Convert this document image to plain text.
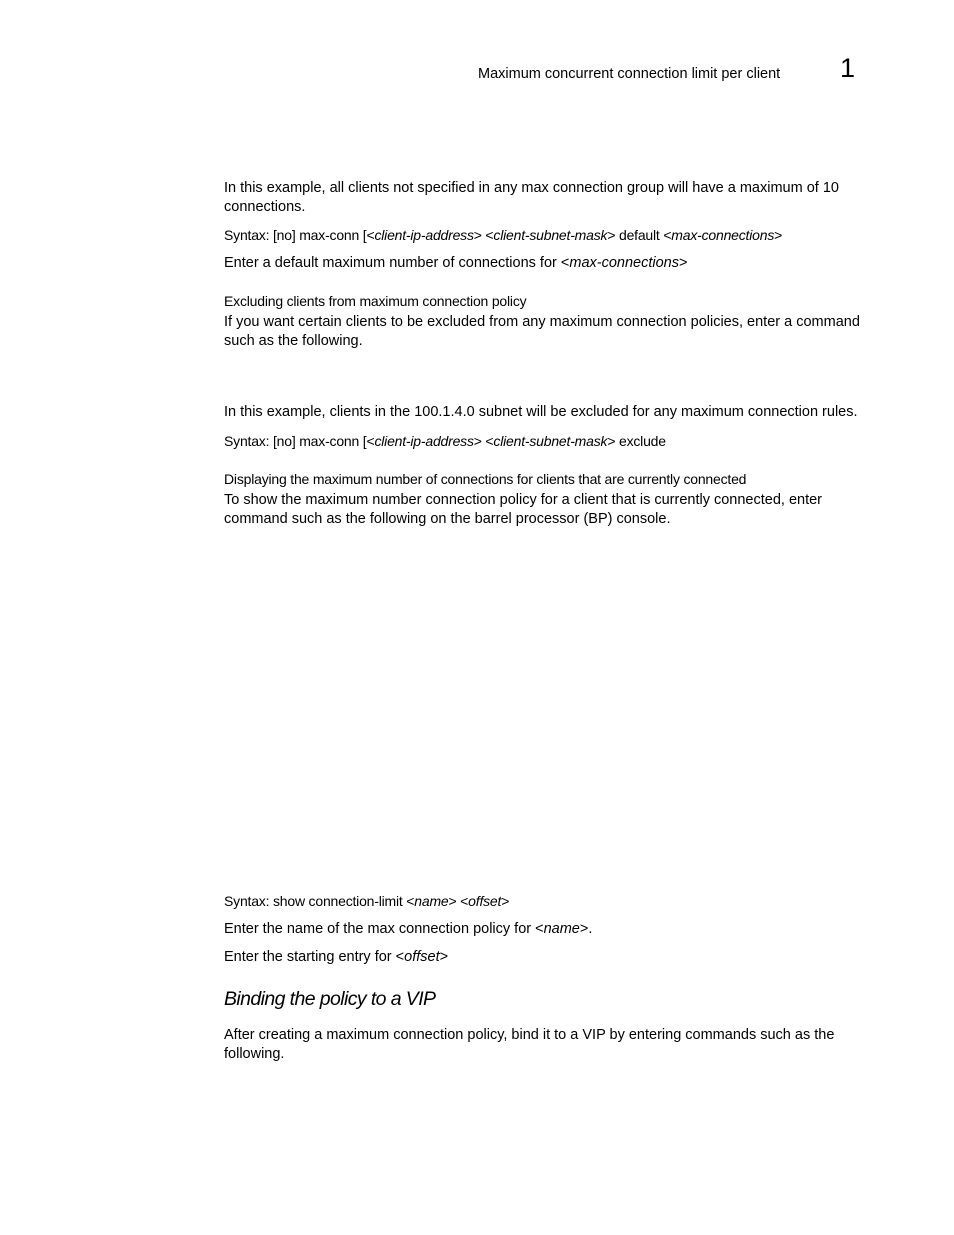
Maximum concurrent connection limit per client 1
In this example, all clients not specified in any max connection group will have a maximum of 10 connections.
Syntax: [no] max-conn [<client-ip-address> <client-subnet-mask> default <max-connections>
Enter a default maximum number of connections for <max-connections>
Excluding clients from maximum connection policy
If you want certain clients to be excluded from any maximum connection policies, enter a command such as the following.
In this example, clients in the 100.1.4.0 subnet will be excluded for any maximum connection rules.
Syntax: [no] max-conn [<client-ip-address> <client-subnet-mask> exclude
Displaying the maximum number of connections for clients that are currently connected
To show the maximum number connection policy for a client that is currently connected, enter command such as the following on the barrel processor (BP) console.
Syntax: show connection-limit <name> <offset>
Enter the name of the max connection policy for <name>.
Enter the starting entry for <offset>
Binding the policy to a VIP
After creating a maximum connection policy, bind it to a VIP by entering commands such as the following.
